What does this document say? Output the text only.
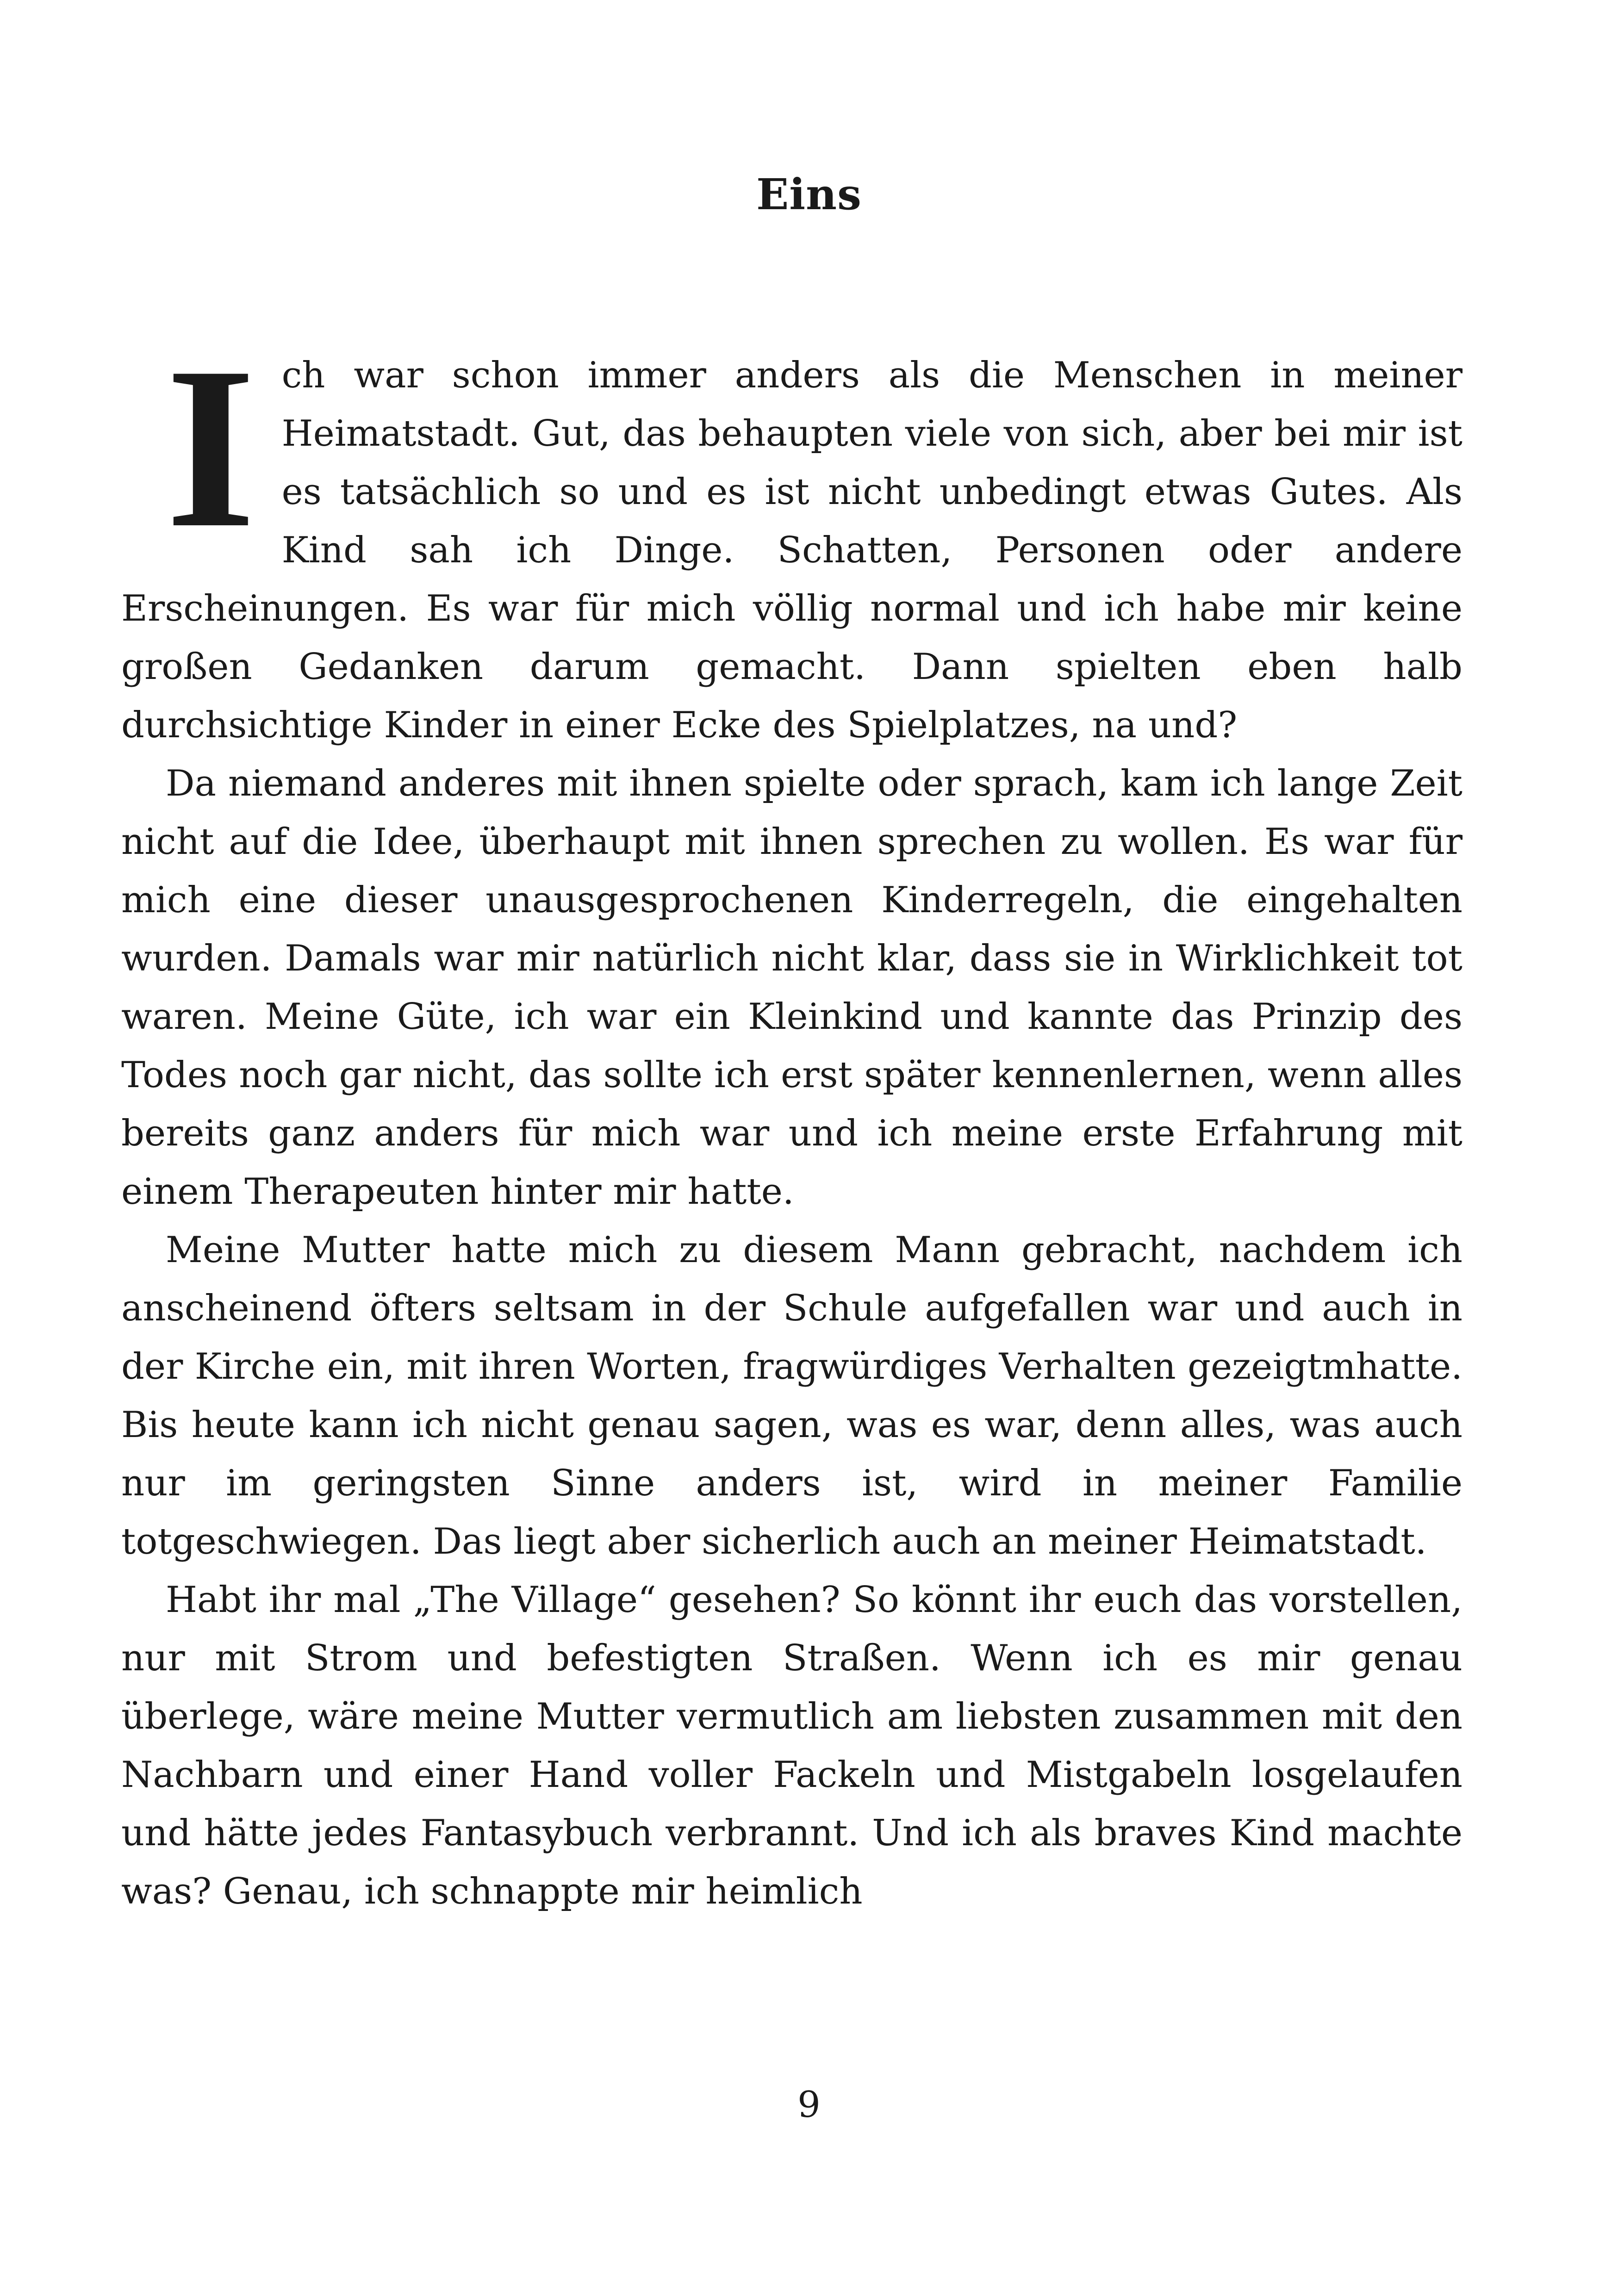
Eins

Ich war schon immer anders als die Menschen in meiner Heimatstadt. Gut, das behaupten viele von sich, aber bei mir ist es tatsächlich so und es ist nicht unbedingt etwas Gutes. Als Kind sah ich Dinge. Schatten, Personen oder andere Erscheinungen. Es war für mich völlig normal und ich habe mir keine großen Gedanken darum gemacht. Dann spielten eben halb durchsichtige Kinder in einer Ecke des Spielplatzes, na und?

Da niemand anderes mit ihnen spielte oder sprach, kam ich lange Zeit nicht auf die Idee, überhaupt mit ihnen sprechen zu wollen. Es war für mich eine dieser unausgesprochenen Kinderregeln, die eingehalten wurden. Damals war mir natürlich nicht klar, dass sie in Wirklichkeit tot waren. Meine Güte, ich war ein Kleinkind und kannte das Prinzip des Todes noch gar nicht, das sollte ich erst später kennenlernen, wenn alles bereits ganz anders für mich war und ich meine erste Erfahrung mit einem Therapeuten hinter mir hatte.

Meine Mutter hatte mich zu diesem Mann gebracht, nachdem ich anscheinend öfters seltsam in der Schule aufgefallen war und auch in der Kirche ein, mit ihren Worten, fragwürdiges Verhalten gezeigtmhatte. Bis heute kann ich nicht genau sagen, was es war, denn alles, was auch nur im geringsten Sinne anders ist, wird in meiner Familie totgeschwiegen. Das liegt aber sicherlich auch an meiner Heimatstadt.

Habt ihr mal „The Village“ gesehen? So könnt ihr euch das vorstellen, nur mit Strom und befestigten Straßen. Wenn ich es mir genau überlege, wäre meine Mutter vermutlich am liebsten zusammen mit den Nachbarn und einer Hand voller Fackeln und Mistgabeln losgelaufen und hätte jedes Fantasybuch verbrannt. Und ich als braves Kind machte was? Genau, ich schnappte mir heimlich

9
